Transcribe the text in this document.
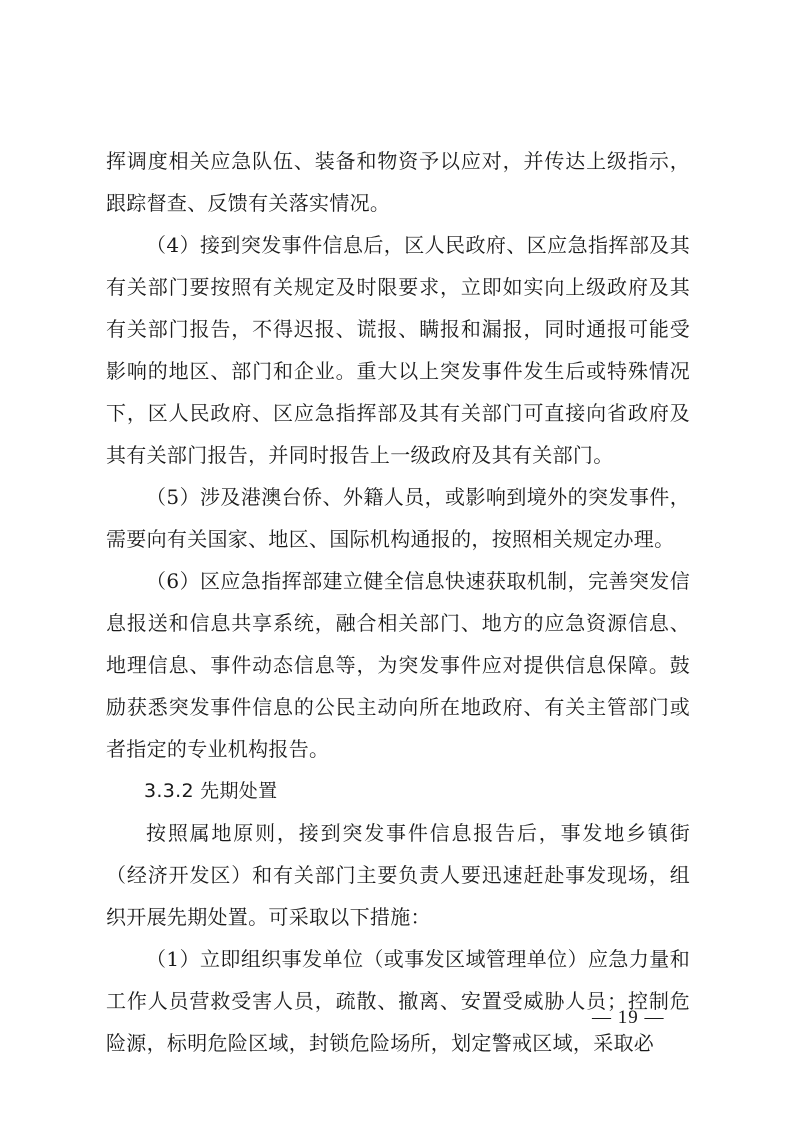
挥调度相关应急队伍、装备和物资予以应对，并传达上级指示，跟踪督查、反馈有关落实情况。

（4）接到突发事件信息后，区人民政府、区应急指挥部及其有关部门要按照有关规定及时限要求，立即如实向上级政府及其有关部门报告，不得迟报、谎报、瞒报和漏报，同时通报可能受影响的地区、部门和企业。重大以上突发事件发生后或特殊情况下，区人民政府、区应急指挥部及其有关部门可直接向省政府及其有关部门报告，并同时报告上一级政府及其有关部门。

（5）涉及港澳台侨、外籍人员，或影响到境外的突发事件，需要向有关国家、地区、国际机构通报的，按照相关规定办理。

（6）区应急指挥部建立健全信息快速获取机制，完善突发信息报送和信息共享系统，融合相关部门、地方的应急资源信息、地理信息、事件动态信息等，为突发事件应对提供信息保障。鼓励获悉突发事件信息的公民主动向所在地政府、有关主管部门或者指定的专业机构报告。

3.3.2 先期处置

按照属地原则，接到突发事件信息报告后，事发地乡镇街（经济开发区）和有关部门主要负责人要迅速赶赴事发现场，组织开展先期处置。可采取以下措施：

（1）立即组织事发单位（或事发区域管理单位）应急力量和工作人员营救受害人员，疏散、撤离、安置受威胁人员；控制危险源，标明危险区域，封锁危险场所，划定警戒区域，采取必

— 19 —
